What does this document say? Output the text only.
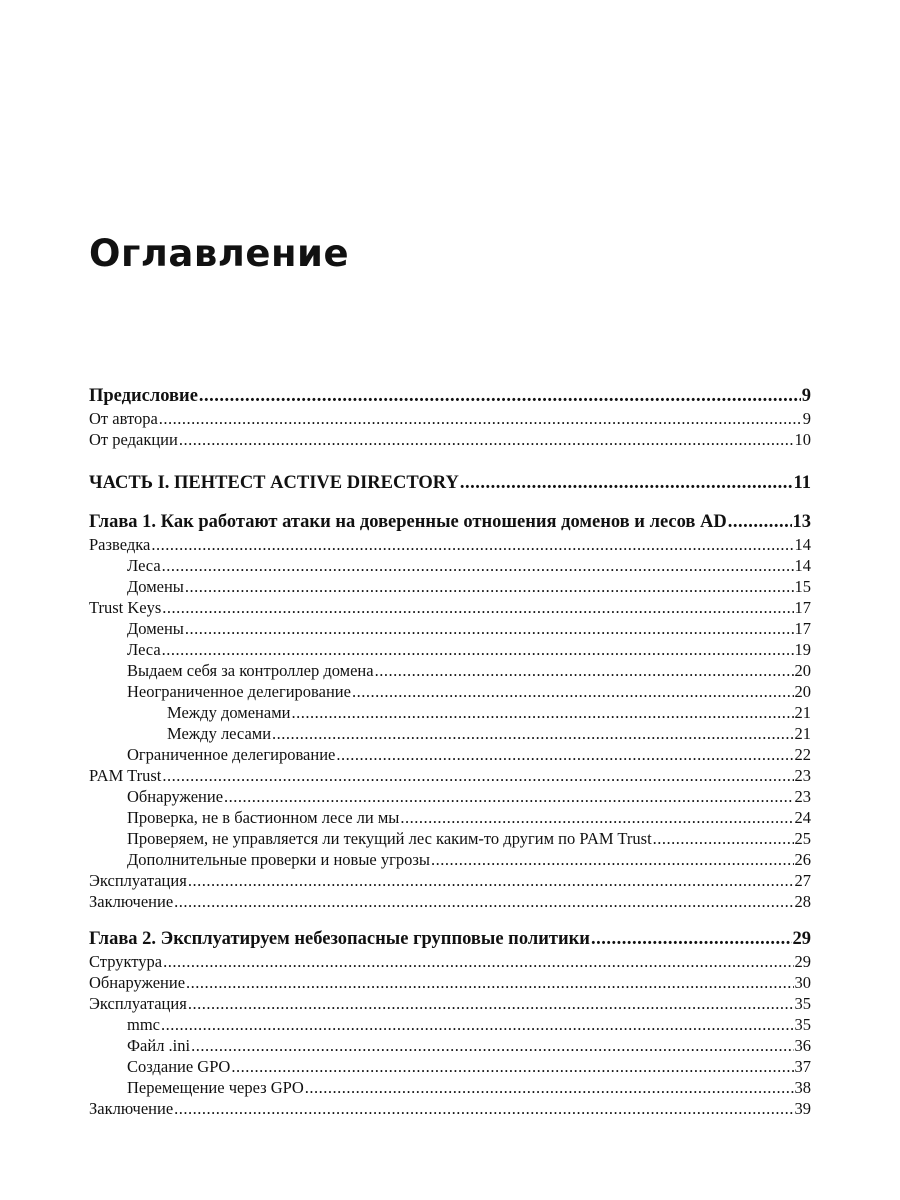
Оглавление
Предисловие .....	9
От автора .....	9
От редакции .....	10
ЧАСТЬ I. ПЕНТЕСТ ACTIVE DIRECTORY .....	11
Глава 1. Как работают атаки на доверенные отношения доменов и лесов AD .....	13
Разведка .....	14
Леса .....	14
Домены .....	15
Trust Keys .....	17
Домены .....	17
Леса .....	19
Выдаем себя за контроллер домена .....	20
Неограниченное делегирование .....	20
Между доменами .....	21
Между лесами .....	21
Ограниченное делегирование .....	22
PAM Trust .....	23
Обнаружение .....	23
Проверка, не в бастионном лесе ли мы .....	24
Проверяем, не управляется ли текущий лес каким-то другим по PAM Trust .....	25
Дополнительные проверки и новые угрозы .....	26
Эксплуатация .....	27
Заключение .....	28
Глава 2. Эксплуатируем небезопасные групповые политики .....	29
Структура .....	29
Обнаружение .....	30
Эксплуатация .....	35
mmc .....	35
Файл .ini .....	36
Создание GPO .....	37
Перемещение через GPO .....	38
Заключение .....	39
